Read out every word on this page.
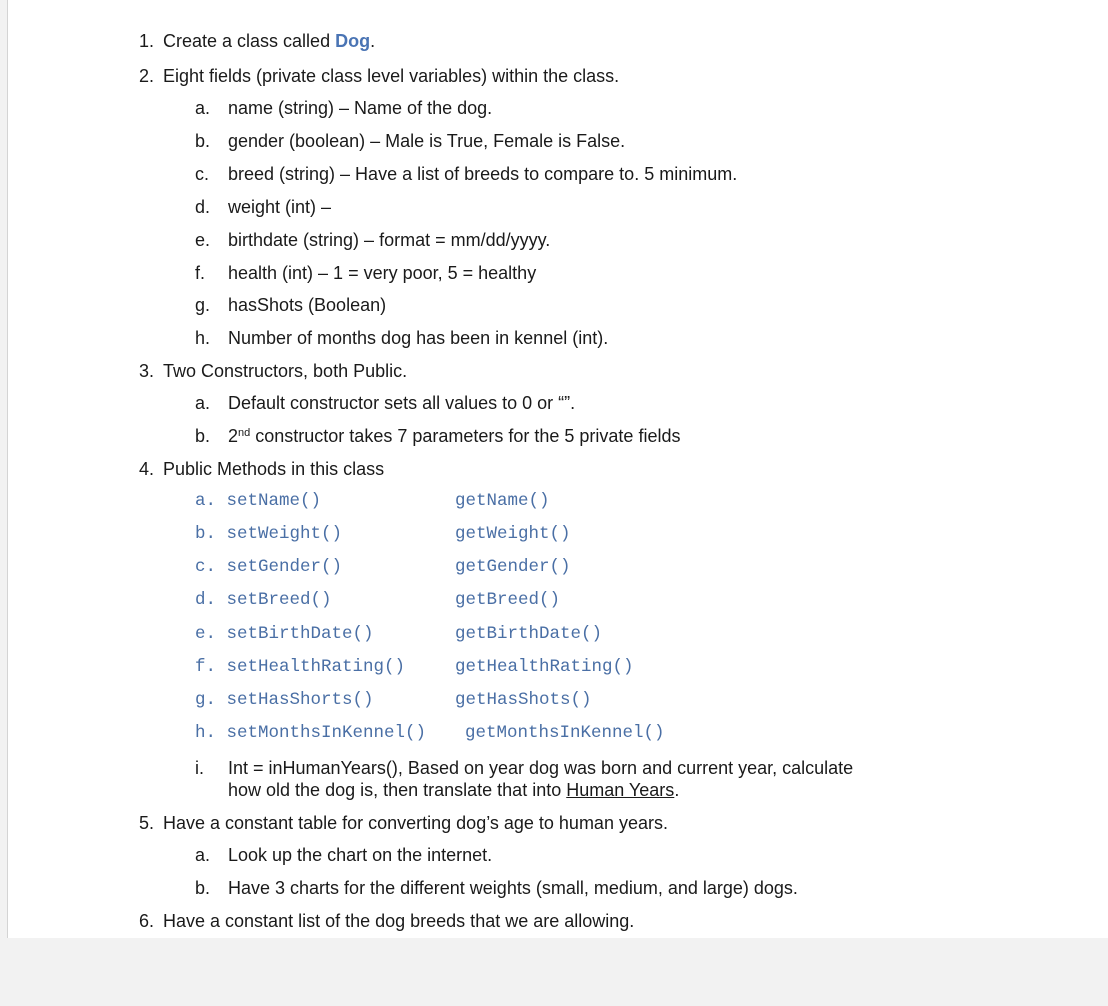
1. Create a class called Dog.
2. Eight fields (private class level variables) within the class.
a. name (string) – Name of the dog.
b. gender (boolean) – Male is True, Female is False.
c.	breed (string) – Have a list of breeds to compare to. 5 minimum.
d. weight (int) –
e. birthdate (string) – format = mm/dd/yyyy.
f.	health (int) – 1 = very poor, 5 = healthy
g. hasShots (Boolean)
h. Number of months dog has been in kennel (int).
3. Two Constructors, both Public.
a. Default constructor sets all values to 0 or “”.
b. 2nd constructor takes 7 parameters for the 5 private fields
4. Public Methods in this class
a. setName()	getName()
b. setWeight()	getWeight()
c. setGender()	getGender()
d. setBreed()	getBreed()
e. setBirthDate()	getBirthDate()
f. setHealthRating()	getHealthRating()
g. setHasShorts()	getHasShots()
h. setMonthsInKennel() getMonthsInKennel()
i.	Int = inHumanYears(), Based on year dog was born and current year, calculate
how old the dog is, then translate that into Human Years.
5. Have a constant table for converting dog’s age to human years.
a. Look up the chart on the internet.
b. Have 3 charts for the different weights (small, medium, and large) dogs.
6. Have a constant list of the dog breeds that we are allowing.
